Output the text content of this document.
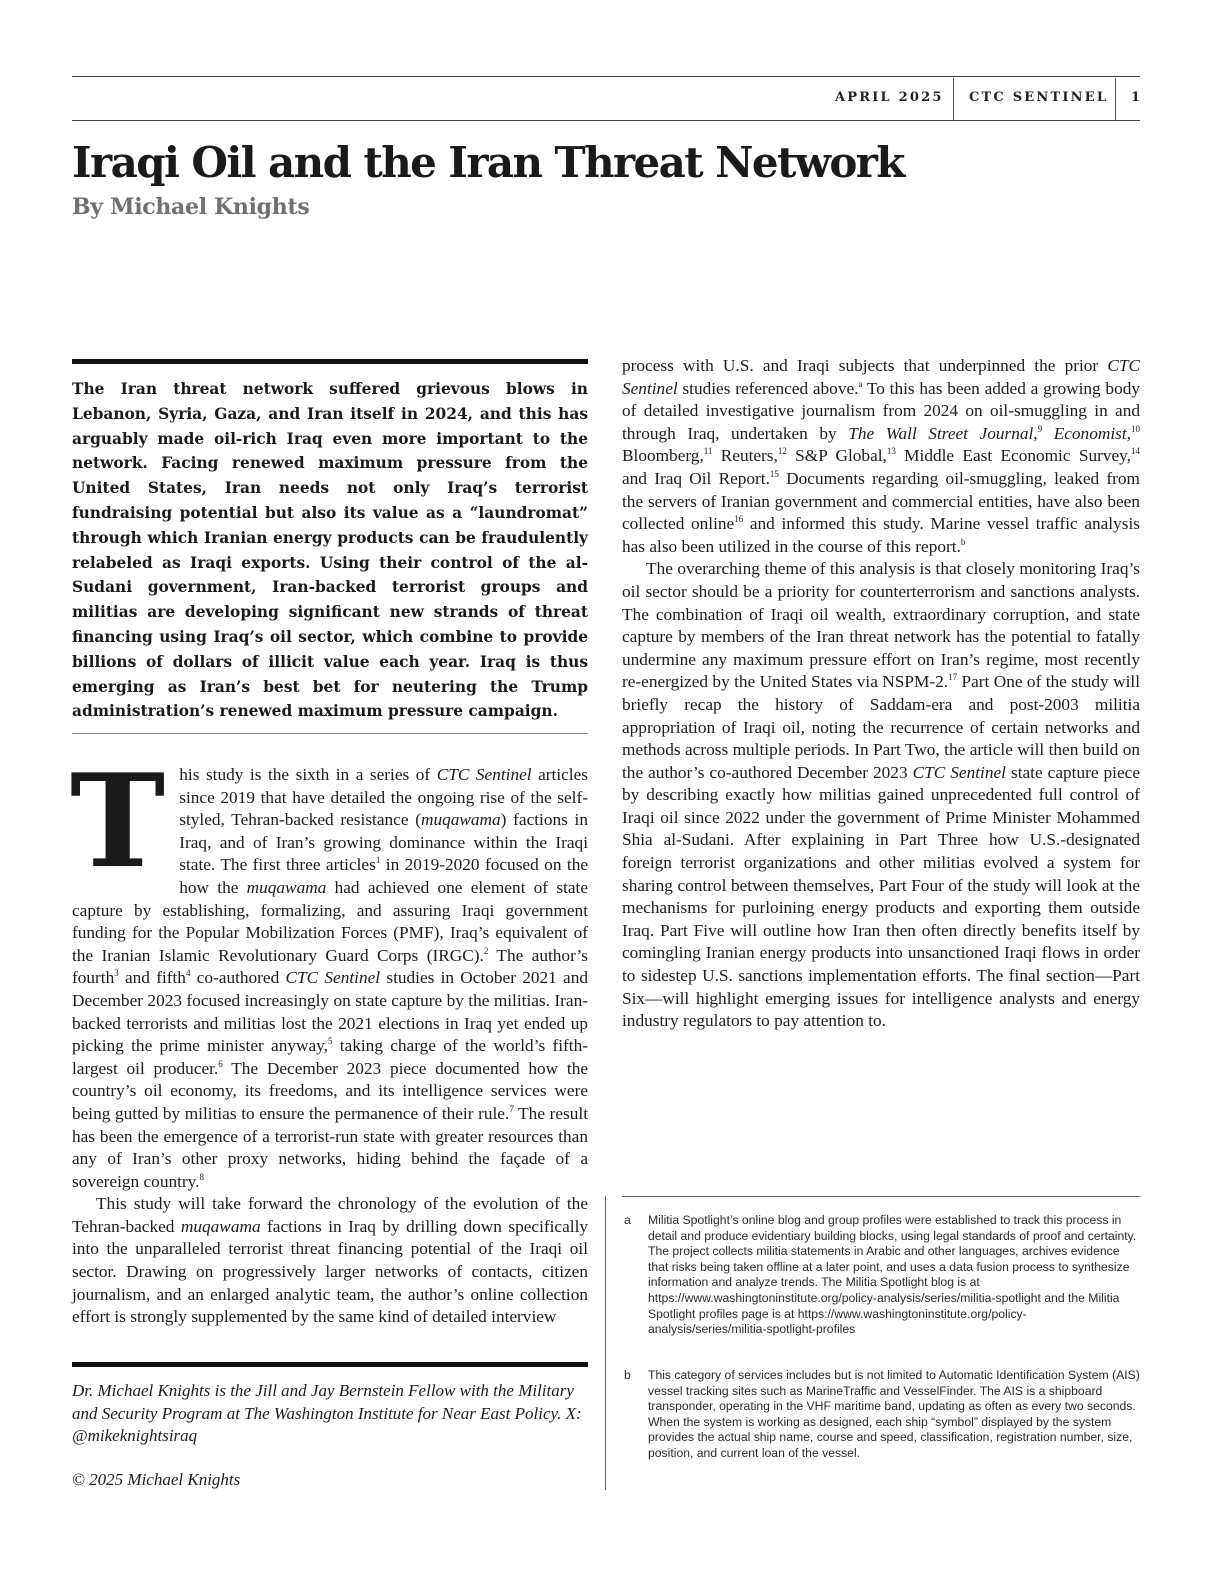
APRIL 2025 CTC SENTINEL 1
Iraqi Oil and the Iran Threat Network
By Michael Knights
The Iran threat network suffered grievous blows in Lebanon, Syria, Gaza, and Iran itself in 2024, and this has arguably made oil-rich Iraq even more important to the network. Facing renewed maximum pressure from the United States, Iran needs not only Iraq’s terrorist fundraising potential but also its value as a “laundromat” through which Iranian energy products can be fraudulently relabeled as Iraqi exports. Using their control of the al-Sudani government, Iran-backed terrorist groups and militias are developing significant new strands of threat financing using Iraq’s oil sector, which combine to provide billions of dollars of illicit value each year. Iraq is thus emerging as Iran’s best bet for neutering the Trump administration’s renewed maximum pressure campaign.

This study is the sixth in a series of CTC Sentinel articles since 2019 that have detailed the ongoing rise of the self-styled, Tehran-backed resistance (muqawama) factions in Iraq, and of Iran’s growing dominance within the Iraqi state. The first three articles$^1$ in 2019-2020 focused on the how the muqawama had achieved one element of state capture by establishing, formalizing, and assuring Iraqi government funding for the Popular Mobilization Forces (PMF), Iraq’s equivalent of the Iranian Islamic Revolutionary Guard Corps (IRGC).$^2$ The author’s fourth$^3$ and fifth$^4$ co-authored CTC Sentinel studies in October 2021 and December 2023 focused increasingly on state capture by the militias. Iran-backed terrorists and militias lost the 2021 elections in Iraq yet ended up picking the prime minister anyway,$^5$ taking charge of the world’s fifth-largest oil producer.$^6$ The December 2023 piece documented how the country’s oil economy, its freedoms, and its intelligence services were being gutted by militias to ensure the permanence of their rule.$^7$ The result has been the emergence of a terrorist-run state with greater resources than any of Iran’s other proxy networks, hiding behind the façade of a sovereign country.$^8$

This study will take forward the chronology of the evolution of the Tehran-backed muqawama factions in Iraq by drilling down specifically into the unparalleled terrorist threat financing potential of the Iraqi oil sector. Drawing on progressively larger networks of contacts, citizen journalism, and an enlarged analytic team, the author’s online collection effort is strongly supplemented by the same kind of detailed interview

Dr. Michael Knights is the Jill and Jay Bernstein Fellow with the Military and Security Program at The Washington Institute for Near East Policy. X: @mikeknightsiraq
© 2025 Michael Knights

process with U.S. and Iraqi subjects that underpinned the prior CTC Sentinel studies referenced above.$^a$ To this has been added a growing body of detailed investigative journalism from 2024 on oil-smuggling in and through Iraq, undertaken by The Wall Street Journal,$^9$ Economist,$^{10}$ Bloomberg,$^{11}$ Reuters,$^{12}$ S&P Global,$^{13}$ Middle East Economic Survey,$^{14}$ and Iraq Oil Report.$^{15}$ Documents regarding oil-smuggling, leaked from the servers of Iranian government and commercial entities, have also been collected online$^{16}$ and informed this study. Marine vessel traffic analysis has also been utilized in the course of this report.$^b$

The overarching theme of this analysis is that closely monitoring Iraq’s oil sector should be a priority for counterterrorism and sanctions analysts. The combination of Iraqi oil wealth, extraordinary corruption, and state capture by members of the Iran threat network has the potential to fatally undermine any maximum pressure effort on Iran’s regime, most recently re-energized by the United States via NSPM-2.17 Part One of the study will briefly recap the history of Saddam-era and post-2003 militia appropriation of Iraqi oil, noting the recurrence of certain networks and methods across multiple periods. In Part Two, the article will then build on the author’s co-authored December 2023 CTC Sentinel state capture piece by describing exactly how militias gained unprecedented full control of Iraqi oil since 2022 under the government of Prime Minister Mohammed Shia al-Sudani. After explaining in Part Three how U.S.-designated foreign terrorist organizations and other militias evolved a system for sharing control between themselves, Part Four of the study will look at the mechanisms for purloining energy products and exporting them outside Iraq. Part Five will outline how Iran then often directly benefits itself by comingling Iranian energy products into unsanctioned Iraqi flows in order to sidestep U.S. sanctions implementation efforts. The final section—Part Six—will highlight emerging issues for intelligence analysts and energy industry regulators to pay attention to.

a Militia Spotlight’s online blog and group profiles were established to track this process in detail and produce evidentiary building blocks, using legal standards of proof and certainty. The project collects militia statements in Arabic and other languages, archives evidence that risks being taken offline at a later point, and uses a data fusion process to synthesize information and analyze trends. The Militia Spotlight blog is at https://www.washingtoninstitute.org/policy-analysis/series/militia-spotlight and the Militia Spotlight profiles page is at https://www.washingtoninstitute.org/policy-analysis/series/militia-spotlight-profiles
b This category of services includes but is not limited to Automatic Identification System (AIS) vessel tracking sites such as MarineTraffic and VesselFinder. The AIS is a shipboard transponder, operating in the VHF maritime band, updating as often as every two seconds. When the system is working as designed, each ship “symbol” displayed by the system provides the actual ship name, course and speed, classification, registration number, size, position, and current loan of the vessel.
